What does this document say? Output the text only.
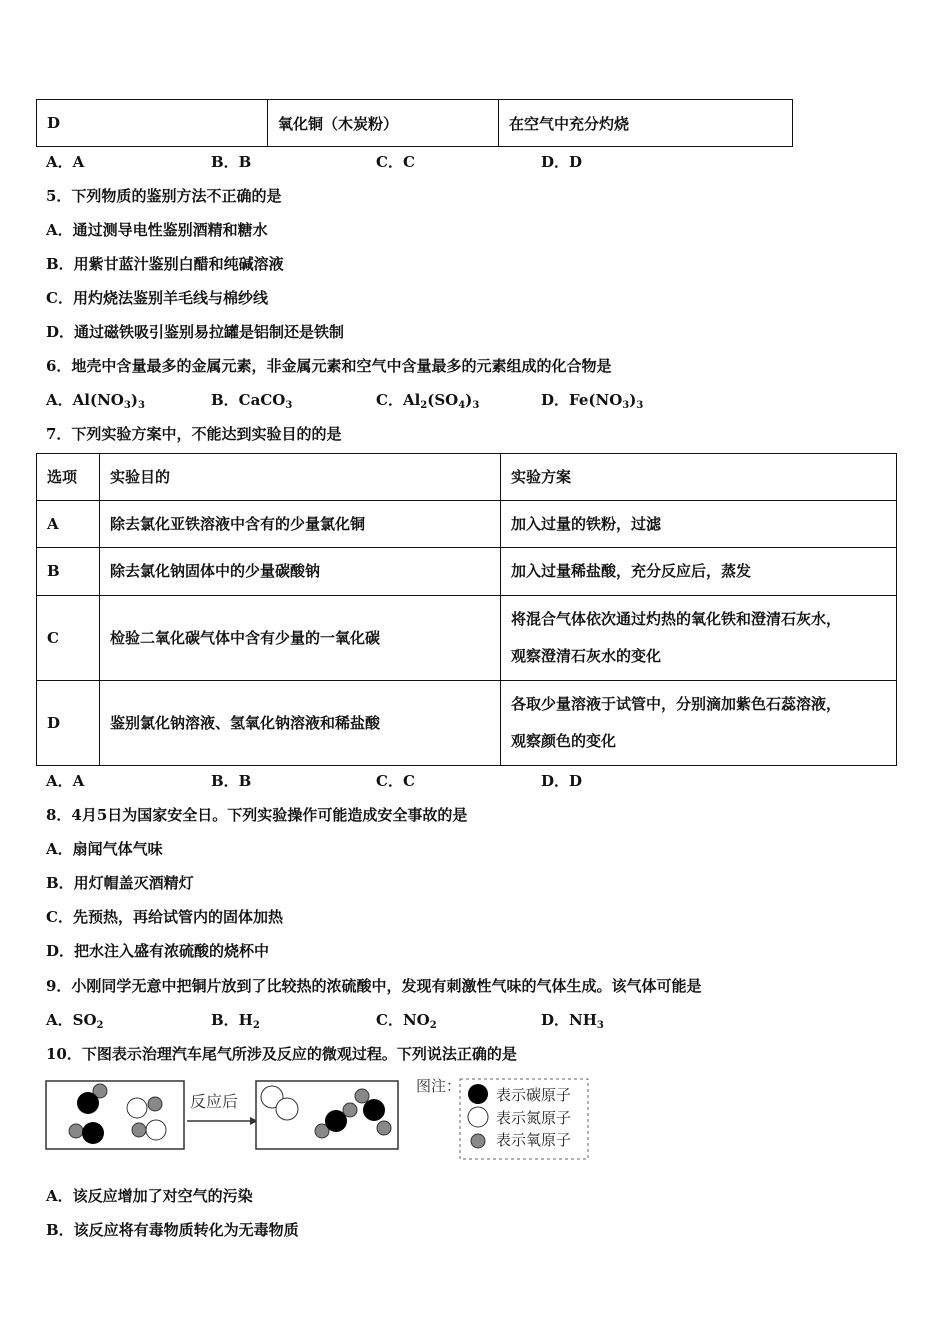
D	氧化铜（木炭粉）	在空气中充分灼烧
A．A	B．B	C．C	D．D
5．下列物质的鉴别方法不正确的是
A．通过测导电性鉴别酒精和糖水
B．用紫甘蓝汁鉴别白醋和纯碱溶液
C．用灼烧法鉴别羊毛线与棉纱线
D．通过磁铁吸引鉴别易拉罐是铝制还是铁制
6．地壳中含量最多的金属元素，非金属元素和空气中含量最多的元素组成的化合物是
A．$Al(NO_3)_3$	B．CaCO$_3$	C．$Al_2(SO_4)_3$	D．$Fe(NO_3)_3$
7．下列实验方案中，不能达到实验目的的是
选项	实验目的	实验方案
A	除去氯化亚铁溶液中含有的少量氯化铜	加入过量的铁粉，过滤
B	除去氯化钠固体中的少量碳酸钠	加入过量稀盐酸，充分反应后，蒸发
C	检验二氧化碳气体中含有少量的一氧化碳	将混合气体依次通过灼热的氧化铁和澄清石灰水，
观察澄清石灰水的变化

D	鉴别氯化钠溶液、氢氧化钠溶液和稀盐酸	各取少量溶液于试管中，分别滴加紫色石蕊溶液，
观察颜色的变化
A．A	B．B	C．C	D．D
8．4月5日为国家安全日。下列实验操作可能造成安全事故的是
A．扇闻气体气味
B．用灯帽盖灭酒精灯
C．先预热，再给试管内的固体加热
D．把水注入盛有浓硫酸的烧杯中
9．小刚同学无意中把铜片放到了比较热的浓硫酸中，发现有刺激性气味的气体生成。该气体可能是
A．$SO_2$	B．$H_2$	C．$NO_2$	D．$NH_3$
10．下图表示治理汽车尾气所涉及反应的微观过程。下列说法正确的是
反应后
图注：
表示碳原子
表示氮原子
表示氧原子
A．该反应增加了对空气的污染
B．该反应将有毒物质转化为无毒物质
